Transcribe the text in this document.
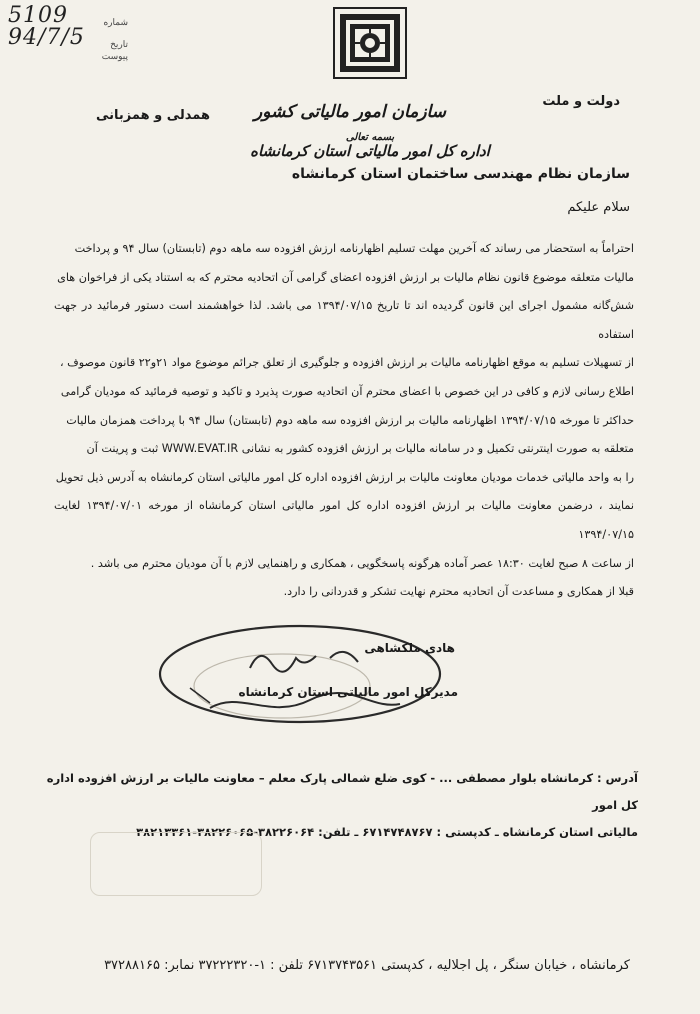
5109	شماره
94/7/5	تاریخ
پیوست
دولت و ملت
همدلی و همزبانی	سازمان امور مالیاتی کشور
بسمه تعالی
اداره کل امور مالیاتی استان کرمانشاه
سازمان نظام مهندسی ساختمان استان کرمانشاه
سلام علیکم

احتراماً به استحضار می رساند که آخرین مهلت تسلیم اظهارنامه ارزش افزوده سه ماهه دوم (تابستان) سال ۹۴ و پرداخت

مالیات متعلقه موضوع قانون نظام مالیات بر ارزش افزوده اعضای گرامی آن اتحادیه محترم که به استناد یکی از فراخوان های

شش‌گانه مشمول اجرای این قانون گردیده اند تا تاریخ ۱۳۹۴/۰۷/۱۵ می باشد. لذا خواهشمند است دستور فرمائید در جهت استفاده

از تسهیلات تسلیم به موقع اظهارنامه مالیات بر ارزش افزوده و جلوگیری از تعلق جرائم موضوع مواد ۲۱و۲۲ قانون موصوف ،

اطلاع رسانی لازم و کافی در این خصوص با اعضای محترم آن اتحادیه صورت پذیرد و تاکید و توصیه فرمائید که مودیان گرامی

حداکثر تا مورخه ۱۳۹۴/۰۷/۱۵ اظهارنامه مالیات بر ارزش افزوده سه ماهه دوم (تابستان) سال ۹۴ با پرداخت همزمان مالیات

متعلقه به صورت اینترنتی تکمیل و در سامانه مالیات بر ارزش افزوده کشور به نشانی WWW.EVAT.IR ثبت و پرینت آن

را به واحد مالیاتی خدمات مودیان معاونت مالیات بر ارزش افزوده اداره کل امور مالیاتی استان کرمانشاه به آدرس ذیل تحویل

نمایند ، درضمن معاونت مالیات بر ارزش افزوده اداره کل امور مالیاتی استان کرمانشاه از مورخه ۱۳۹۴/۰۷/۰۱ لغایت ۱۳۹۴/۰۷/۱۵

از ساعت ۸ صبح لغایت ۱۸:۳۰ عصر آماده هرگونه پاسخگویی ، همکاری و راهنمایی لازم با آن مودیان محترم می باشد .

قبلا از همکاری و مساعدت آن اتحادیه محترم نهایت تشکر و قدردانی را دارد.

هادی ملکشاهی
مدیرکل امور مالیاتی استان کرمانشاه
آدرس : کرمانشاه بلوار مصطفی ... - کوی ضلع شمالی پارک معلم – معاونت مالیات بر ارزش افزوده اداره کل امور
مالیاتی استان کرمانشاه ـ کدپستی : ۶۷۱۴۷۴۸۷۶۷ ـ تلفن: ۳۸۲۲۶۰۶۴-۳۸۲۲۶۰۶۵-۳۸۲۱۳۳۶۱
کرمانشاه ، خیابان سنگر ، پل اجلالیه ، کدپستی ۶۷۱۳۷۴۳۵۶۱ تلفن : ۱-۳۷۲۲۲۳۲۰ نمابر: ۳۷۲۸۸۱۶۵
